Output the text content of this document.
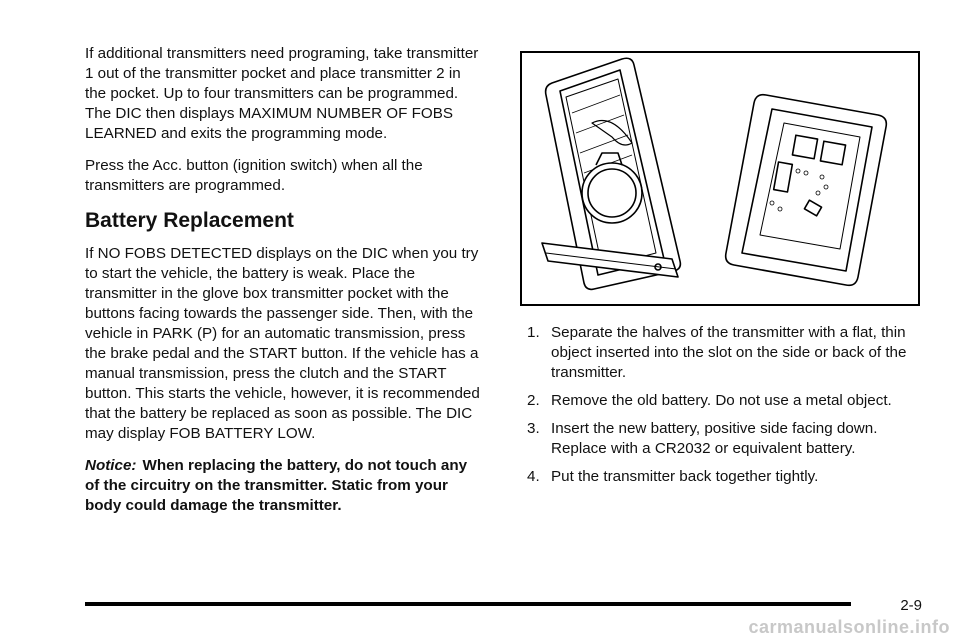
If additional transmitters need programing, take transmitter 1 out of the transmitter pocket and place transmitter 2 in the pocket. Up to four transmitters can be programmed. The DIC then displays MAXIMUM NUMBER OF FOBS LEARNED and exits the programming mode.

Press the Acc. button (ignition switch) when all the transmitters are programmed.

Battery Replacement

If NO FOBS DETECTED displays on the DIC when you try to start the vehicle, the battery is weak. Place the transmitter in the glove box transmitter pocket with the buttons facing towards the passenger side. Then, with the vehicle in PARK (P) for an automatic transmission, press the brake pedal and the START button. If the vehicle has a manual transmission, press the clutch and the START button. This starts the vehicle, however, it is recommended that the battery be replaced as soon as possible. The DIC may display FOB BATTERY LOW.

Notice: When replacing the battery, do not touch any of the circuitry on the transmitter. Static from your body could damage the transmitter.

1. Separate the halves of the transmitter with a flat, thin object inserted into the slot on the side or back of the transmitter.
2. Remove the old battery. Do not use a metal object.
3. Insert the new battery, positive side facing down. Replace with a CR2032 or equivalent battery.
4. Put the transmitter back together tightly.
2-9
carmanualsonline.info
